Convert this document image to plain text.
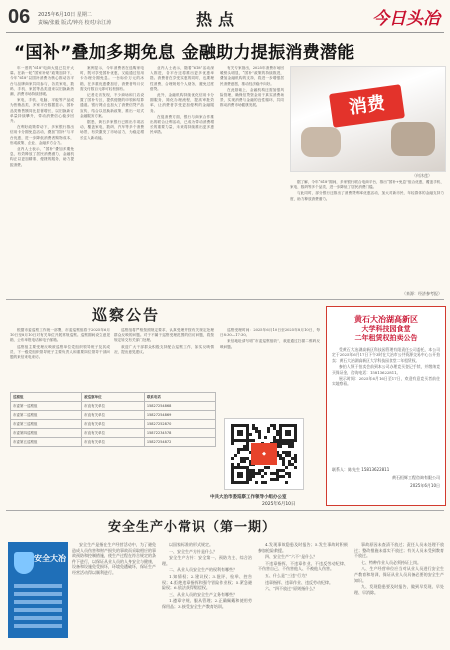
06 2025年6月10日 星期二
责编/张毅 版式/钟亮 校对/余江涛	热点	今日头冶
“国补”叠加多期免息 金融助力提振消费潜能

年一度的“618”电商大促已拉开大幕。在新一轮“国家补贴”政策加持下，今年“618”以国补消费为核心推动各平台与品牌商家共同参与，各类家电、数码、手机、家居等品类迎来以旧换新热潮，消费市场持续回暖。

家电、手机、电脑、平板等产品成为热销品类，多家平台数据显示，国补品类销售额同比显著增长，以旧换新订单量持续攀升，带动消费信心稳步回升。

在利好政策带动下，多家银行推出信用卡分期免息活动，叠加“国补”与平台优惠，进一步降低消费者购物成本，形成政策、企业、金融多方合力。

业内人士表示，“国补”叠加多期免息，有效释放了居民消费潜力，金融机构正以更加精准、便捷的服务，助力提振消费。

案例显示，今年消费者在选购家电时，既可享受国补优惠，又能通过信用卡办理分期免息。一台标价万元的冰箱，在多重优惠叠加后，消费者每月仅需支付数百元即可轻松拥有。

记者走访发现，不少商场和门店设置了国补专区，提供便捷的申领和结算通道。银行网点也加大了消费信贷产品宣传，结合以旧换新政策，推出一站式金融服务方案。

据悉，黄石多家银行已推出专项活动，覆盖家电、数码、汽车等多个消费场景，有效激发了市场活力，为稳定增长注入新动能。

业内人士表示，随着“618”活动深入推进，各平台还将推出更多优惠举措。消费者在享受实惠的同时，也要理性消费，合理规划个人财务，避免过度借贷。

此外，金融机构持续优化信用卡分期服务，简化办理流程，提高审批效率，让消费者享受更加便利的金融服务。

在促消费方面，银行与商家合作推出的联合让利活动，已成为带动消费增长的重要力量，未来将持续推出更多惠民举措。

有关专家指出，2025年消费市场回暖势头明显，“国补”政策的持续推进，叠加金融机构的支持，将进一步增强居民消费意愿，推动经济稳中向好。

在此基础上，金融机构还需加强风险管理，确保信贷资金用于真实消费场景，实现消费与金融的良性循环，共同推动消费市场健康发展。	消费
（何沐莲）

据了解，今年“618”期间，多家银行联合电商平台，推出“国补+免息”组合优惠，覆盖手机、家电、数码等多个品类，进一步降低了居民消费门槛。

与此同时，部分银行还推出了消费贷利率优惠活动，加大对新市民、年轻群体的金融支持力度，助力释放消费潜力。

（来源：经济参考报）
巡察公告

根据市委巡察工作统一部署，市委巡察组将于2025年6月10日至8月10日对有关单位开展常规巡察。巡察期间设立意见箱、公布举报电话和电子邮箱。

巡察组主要受理反映被巡察单位党组织领导班子及其成员、下一级党组织领导班子主要负责人和重要岗位领导干部问题的来信来电来访。

巡察组将严格按照规定要求，认真受理并按有关规定处理群众反映的问题。对于不属于巡察受理范围的信访问题，将按规定转交有关部门处理。

欢迎广大干部群众积极支持配合巡察工作，如实反映情况，提出意见建议。

巡察受理时间：2025年6月10日至2025年8月10日，每日8:30—17:30。

来信地址请写明“市委巡察组收”，欢迎通过扫描二维码反映问题。

巡察组	被巡察单位	联系电话
市委第一巡察组	市直有关单位	15827254868
市委第二巡察组	市直有关单位	15827254869
市委第三巡察组	市直有关单位	15827252870
市委第四巡察组	市直有关单位	15872234578
市委第五巡察组	市直有关单位	15827254872
◆
中共大冶市委巡察工作领导小组办公室
2025年6月10日
黄石大冶湖高新区
大学科技园食堂
二年租赁权拍卖公告

受黄石大冶湖高新区科技园管理有限责任公司委托，本公司定于2025年6月17日下午3时在大冶市公共资源交易中心公开拍卖：黄石大冶湖高新区大学科技园食堂二年租赁权。

参拍人须于拍卖会前到本公司办理竞买登记手续，并缴纳竞买保证金，咨询电话：15813622811。

展示时间：2025年6月16日至17日，欢迎有意竞买者前往实地察看。

联系人：陈先生 15813622811
黄石恒辉工程咨询有限公司
2025年6月10日
安全生产小常识（第一期）
安全大冶

安全生产是指在生产经营活动中，为了避免造成人员伤害和财产损失的事故而采取相应的事故预防和控制措施，使生产过程在符合规定的条件下进行，以保证从业人员的人身安全与健康，设备和设施免受损坏，环境免遭破坏，保证生产经营活动得以顺利进行。

以国家标准的形式规定。

一、安全生产方针是什么？

安全生产方针：安全第一、预防为主、综合治理。

二、从业人员安全生产的权利有哪些？

1.知情权；2.建议权；3.批评、检举、控告权；4.拒绝违章指挥和强令冒险作业权；5.紧急避险权；6.依法获得赔偿权。

三、从业人员的安全生产义务有哪些？

1.遵章守规、服从管理；2.正确佩戴和使用劳保用品；3.接受安全生产教育培训。

4.发现事故隐患及时报告；5.发生事故时积极参加抢险救援。

四、安全生产“六不”是什么？

不违章指挥、不违章作业、不违反劳动纪律、不伤害自己、不伤害他人、不被他人伤害。

五、什么是“三违”行为？

违章指挥、违章作业、违反劳动纪律。

六、“四不放过”原则指什么？

事故原因未查清不放过；责任人员未处理不放过；整改措施未落实不放过；有关人员未受到教育不放过。

七、特种作业人员必须持证上岗。

八、生产经营单位应当对从业人员进行安全生产教育和培训，保证从业人员具备必要的安全生产知识。

九、发现隐患要及时报告，做到早发现、早处理、早消除。
